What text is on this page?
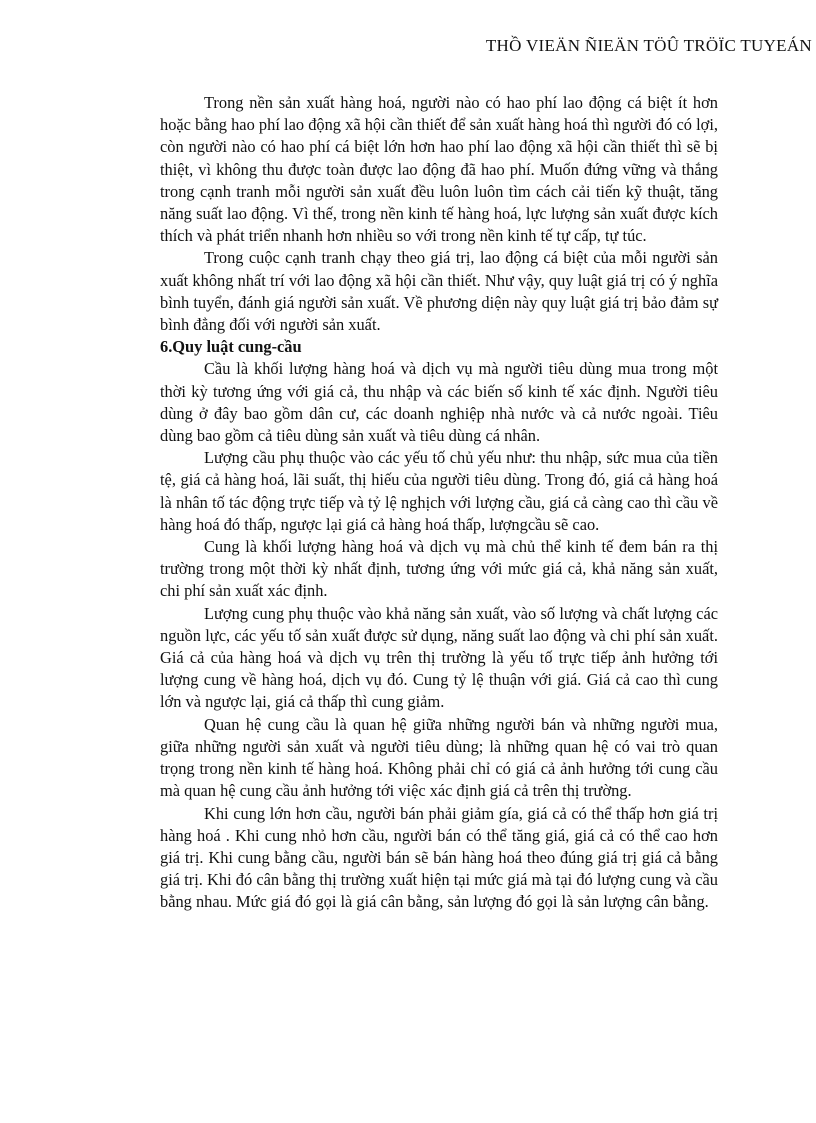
THỒ VIEÄN ÑIEÄN TÖÛ TRÖÏC TUYEÁN

Trong nền sản xuất hàng hoá, người nào có hao phí lao động cá biệt ít hơn hoặc bằng hao phí lao động xã hội cần thiết để sản xuất hàng hoá thì người đó có lợi, còn người nào có hao phí cá biệt lớn hơn hao phí lao động xã hội cần thiết thì sẽ bị thiệt, vì không thu được toàn được lao động đã hao phí. Muốn đứng vững và thắng trong cạnh tranh mỗi người sản xuất đều luôn luôn tìm cách cải tiến kỹ thuật, tăng năng suất lao động. Vì thế, trong nền kinh tế hàng hoá, lực lượng sản xuất được kích thích và phát triển nhanh hơn nhiều so với trong nền kinh tế tự cấp, tự túc.

Trong cuộc cạnh tranh chạy theo giá trị, lao động cá biệt của mỗi người sản xuất không nhất trí với lao động xã hội cần thiết. Như vậy, quy luật giá trị có ý nghĩa bình tuyển, đánh giá người sản xuất. Về phương diện này quy luật giá trị bảo đảm sự bình đẳng đối với người sản xuất.

6.Quy luật cung-cầu

Cầu là khối lượng hàng hoá và dịch vụ mà người tiêu dùng mua trong một thời kỳ tương ứng với giá cả, thu nhập và các biến số kinh tế xác định. Người tiêu dùng ở đây bao gồm dân cư, các doanh nghiệp nhà nước và cả nước ngoài. Tiêu dùng bao gồm cả tiêu dùng sản xuất và tiêu dùng cá nhân.

Lượng cầu phụ thuộc vào các yếu tố chủ yếu như: thu nhập, sức mua của tiền tệ, giá cả hàng hoá, lãi suất, thị hiếu của người tiêu dùng. Trong đó, giá cả hàng hoá là nhân tố tác động trực tiếp và tỷ lệ nghịch với lượng cầu, giá cả càng cao thì cầu về hàng hoá đó thấp, ngược lại giá cả hàng hoá thấp, lượngcầu sẽ cao.

Cung là khối lượng hàng hoá và dịch vụ mà chủ thể kinh tế đem bán ra thị trường trong một thời kỳ nhất định, tương ứng với mức giá cả, khả năng sản xuất, chi phí sản xuất xác định.

Lượng cung phụ thuộc vào khả năng sản xuất, vào số lượng và chất lượng các nguồn lực, các yếu tố sản xuất được sử dụng, năng suất lao động và chi phí sản xuất. Giá cả của hàng hoá và dịch vụ trên thị trường là yếu tố trực tiếp ảnh hưởng tới lượng cung về hàng hoá, dịch vụ đó. Cung tỷ lệ thuận với giá. Giá cả cao thì cung lớn và ngược lại, giá cả thấp thì cung giảm.

Quan hệ cung cầu là quan hệ giữa những người bán và những người mua, giữa những người sản xuất và người tiêu dùng; là những quan hệ có vai trò quan trọng trong nền kinh tế hàng hoá. Không phải chỉ có giá cả ảnh hưởng tới cung cầu mà quan hệ cung cầu ảnh hưởng tới việc xác định giá cả trên thị trường.

Khi cung lớn hơn cầu, người bán phải giảm gía, giá cả có thể thấp hơn giá trị hàng hoá . Khi cung nhỏ hơn cầu, người bán có thể tăng giá, giá cả có thể cao hơn giá trị. Khi cung bằng cầu, người bán sẽ bán hàng hoá theo đúng giá trị giá cả bằng giá trị. Khi đó cân bằng thị trường xuất hiện tại mức giá mà tại đó lượng cung và cầu bằng nhau. Mức giá đó gọi là giá cân bằng, sản lượng đó gọi là sản lượng cân bằng.
